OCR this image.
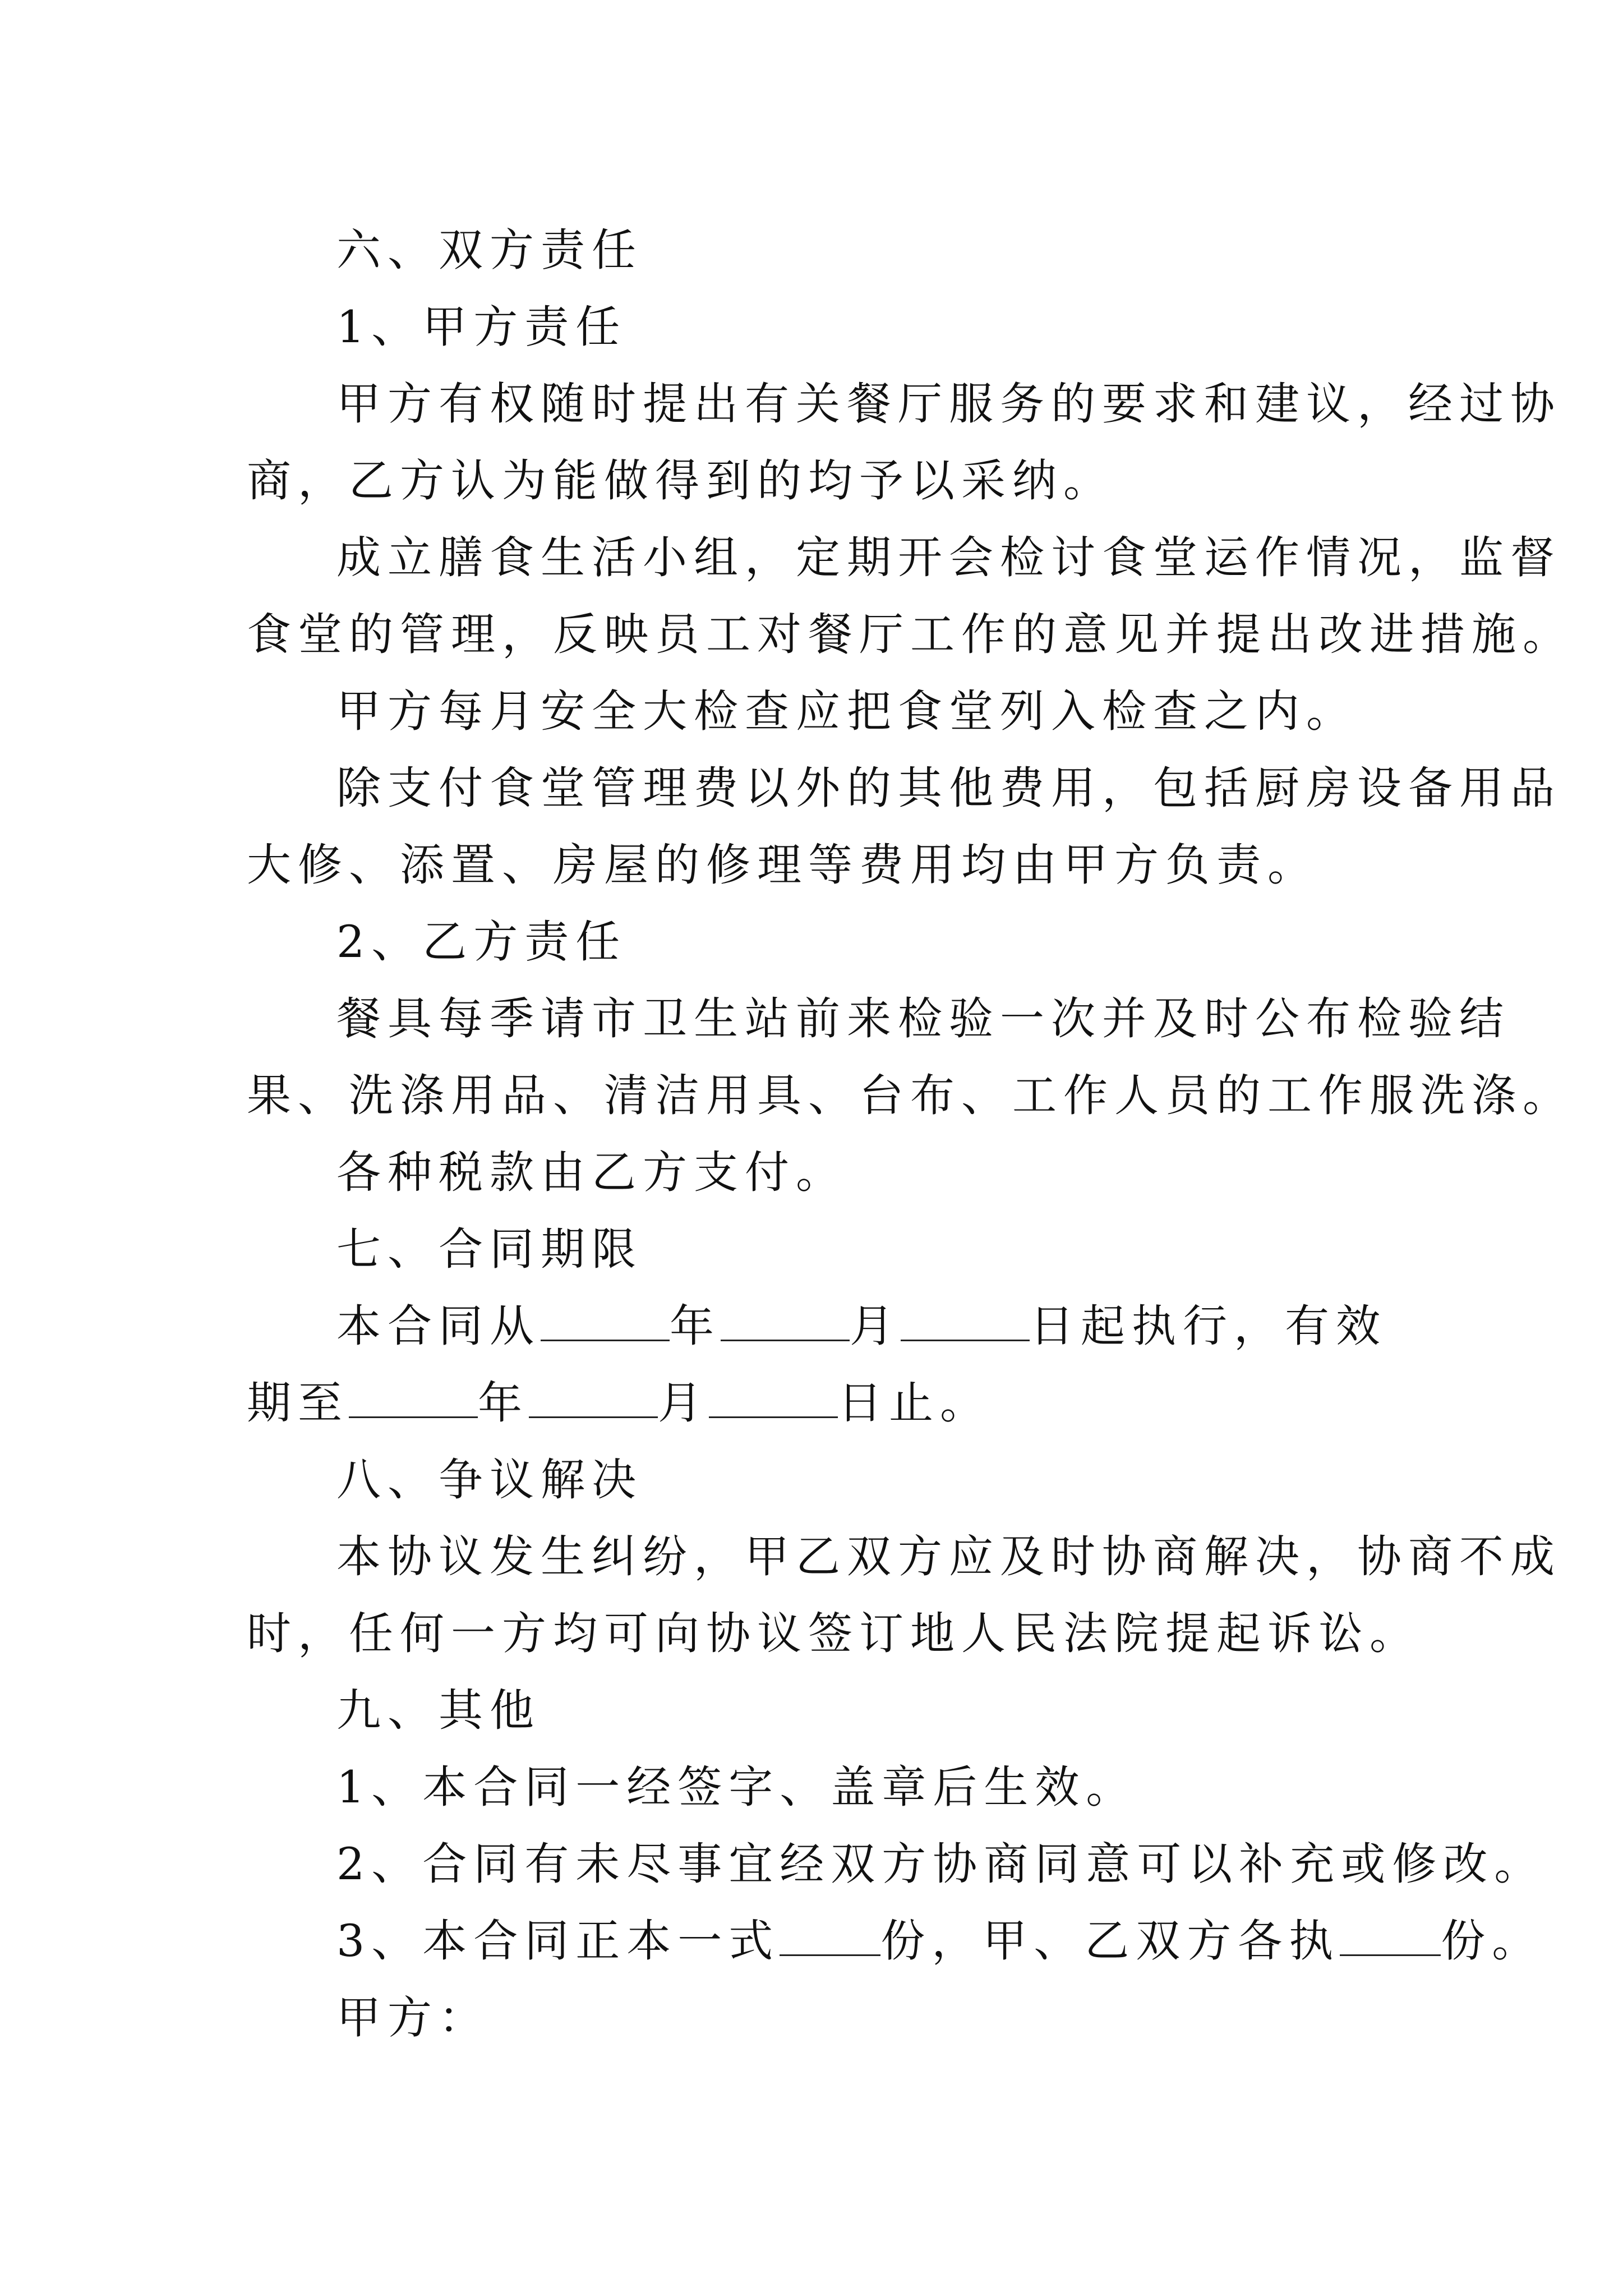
六、双方责任
1、甲方责任
甲方有权随时提出有关餐厅服务的要求和建议，经过协
商，乙方认为能做得到的均予以采纳。
成立膳食生活小组，定期开会检讨食堂运作情况，监督
食堂的管理，反映员工对餐厅工作的意见并提出改进措施。
甲方每月安全大检查应把食堂列入检查之内。
除支付食堂管理费以外的其他费用，包括厨房设备用品
大修、添置、房屋的修理等费用均由甲方负责。
2、乙方责任
餐具每季请市卫生站前来检验一次并及时公布检验结
果、洗涤用品、清洁用具、台布、工作人员的工作服洗涤。
各种税款由乙方支付。
七、合同期限
本合同从	年	月	日起执行，有效
期至	年	月	日止。
八、争议解决
本协议发生纠纷，甲乙双方应及时协商解决，协商不成
时，任何一方均可向协议签订地人民法院提起诉讼。
九、其他
1、本合同一经签字、盖章后生效。
2、合同有未尽事宜经双方协商同意可以补充或修改。
3、本合同正本一式 份，甲、乙双方各执 份。
甲方：
